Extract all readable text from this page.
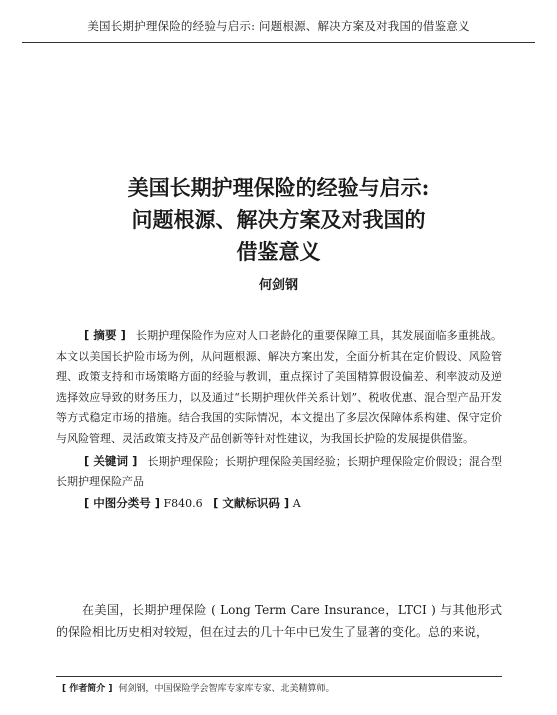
美国长期护理保险的经验与启示: 问题根源、解决方案及对我国的借鉴意义
美国长期护理保险的经验与启示:
问题根源、解决方案及对我国的
借鉴意义
何剑钢

[ 摘要 ] 长期护理保险作为应对人口老龄化的重要保障工具，其发展面临多重挑战。本文以美国长护险市场为例，从问题根源、解决方案出发，全面分析其在定价假设、风险管理、政策支持和市场策略方面的经验与教训，重点探讨了美国精算假设偏差、利率波动及逆选择效应导致的财务压力，以及通过“长期护理伙伴关系计划”、税收优惠、混合型产品开发等方式稳定市场的措施。结合我国的实际情况，本文提出了多层次保障体系构建、保守定价与风险管理、灵活政策支持及产品创新等针对性建议，为我国长护险的发展提供借鉴。

[ 关键词 ] 长期护理保险；长期护理保险美国经验；长期护理保险定价假设；混合型长期护理保险产品

[ 中图分类号 ] F840.6 [ 文献标识码 ] A

在美国，长期护理保险 ( Long Term Care Insurance，LTCI ) 与其他形式的保险相比历史相对较短，但在过去的几十年中已发生了显著的变化。总的来说，

[ 作者简介 ] 何剑钢，中国保险学会智库专家库专家、北美精算师。
